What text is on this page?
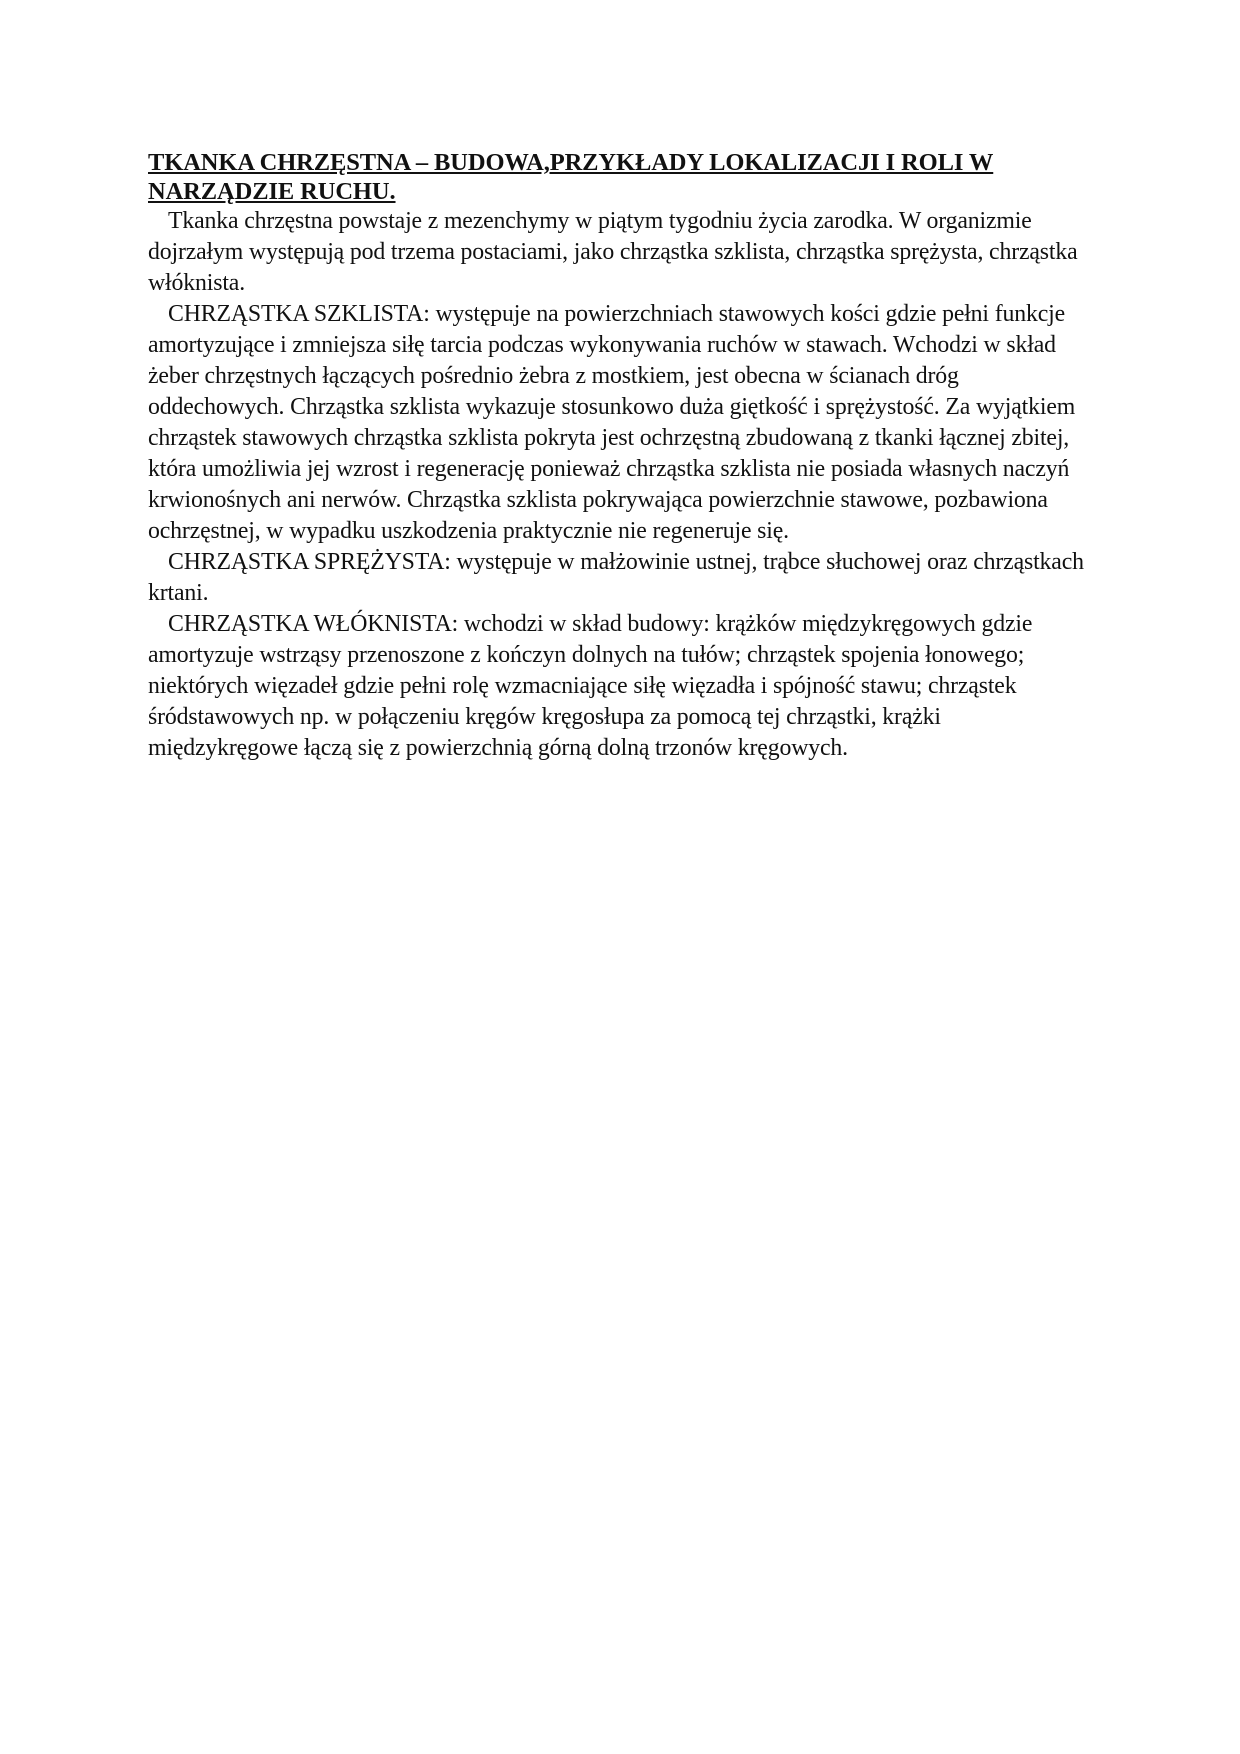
TKANKA CHRZĘSTNA – BUDOWA,PRZYKŁADY LOKALIZACJI I ROLI W NARZĄDZIE RUCHU.

Tkanka chrzęstna powstaje z mezenchymy w piątym tygodniu życia zarodka. W organizmie dojrzałym występują pod trzema postaciami, jako chrząstka szklista, chrząstka sprężysta, chrząstka włóknista.

CHRZĄSTKA SZKLISTA: występuje na powierzchniach stawowych kości gdzie pełni funkcje amortyzujące i zmniejsza siłę tarcia podczas wykonywania ruchów w stawach. Wchodzi w skład żeber chrzęstnych łączących pośrednio żebra z mostkiem, jest obecna w ścianach dróg oddechowych. Chrząstka szklista wykazuje stosunkowo duża giętkość i sprężystość. Za wyjątkiem chrząstek stawowych chrząstka szklista pokryta jest ochrzęstną zbudowaną z tkanki łącznej zbitej, która umożliwia jej wzrost i regenerację ponieważ chrząstka szklista nie posiada własnych naczyń krwionośnych ani nerwów. Chrząstka szklista pokrywająca powierzchnie stawowe, pozbawiona ochrzęstnej, w wypadku uszkodzenia praktycznie nie regeneruje się.

CHRZĄSTKA SPRĘŻYSTA: występuje w małżowinie ustnej, trąbce słuchowej oraz chrząstkach krtani.

CHRZĄSTKA WŁÓKNISTA: wchodzi w skład budowy: krążków międzykręgowych gdzie amortyzuje wstrząsy przenoszone z kończyn dolnych na tułów; chrząstek spojenia łonowego; niektórych więzadeł gdzie pełni rolę wzmacniające siłę więzadła i spójność stawu; chrząstek śródstawowych np. w połączeniu kręgów kręgosłupa za pomocą tej chrząstki, krążki międzykręgowe łączą się z powierzchnią górną dolną trzonów kręgowych.
